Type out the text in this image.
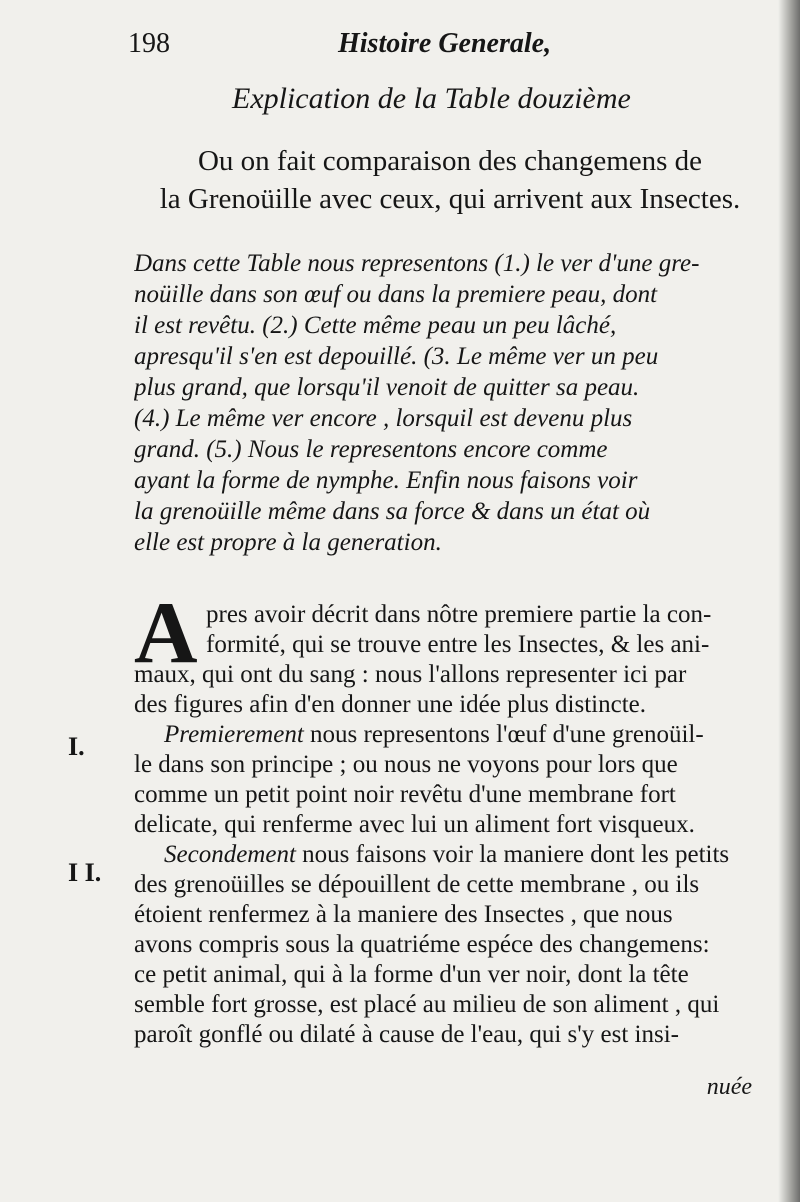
198	Histoire Generale,
Explication de la Table douzième
Ou on fait comparaison des changemens de
la Grenoüille avec ceux, qui arrivent aux Insectes.
Dans cette Table nous representons (1.) le ver d'une gre-
noüille dans son œuf ou dans la premiere peau, dont
il est revêtu. (2.) Cette même peau un peu lâché,
apresqu'il s'en est depouillé. (3. Le même ver un peu
plus grand, que lorsqu'il venoit de quitter sa peau.
(4.) Le même ver encore , lorsquil est devenu plus
grand. (5.) Nous le representons encore comme
ayant la forme de nymphe. Enfin nous faisons voir
la grenoüille même dans sa force & dans un état où
elle est propre à la generation.
A pres avoir décrit dans nôtre premiere partie la con-
formité, qui se trouve entre les Insectes, & les ani-
maux, qui ont du sang : nous l'allons representer ici par
des figures afin d'en donner une idée plus distincte.
Premierement nous representons l'œuf d'une grenoüil-
le dans son principe ; ou nous ne voyons pour lors que
comme un petit point noir revêtu d'une membrane fort
delicate, qui renferme avec lui un aliment fort visqueux.
Secondement nous faisons voir la maniere dont les petits
des grenoüilles se dépouillent de cette membrane , ou ils
étoient renfermez à la maniere des Insectes , que nous
avons compris sous la quatriéme espéce des changemens:
ce petit animal, qui à la forme d'un ver noir, dont la tête
semble fort grosse, est placé au milieu de son aliment , qui
paroît gonflé ou dilaté à cause de l'eau, qui s'y est insi-
I.
I I.
nuée
